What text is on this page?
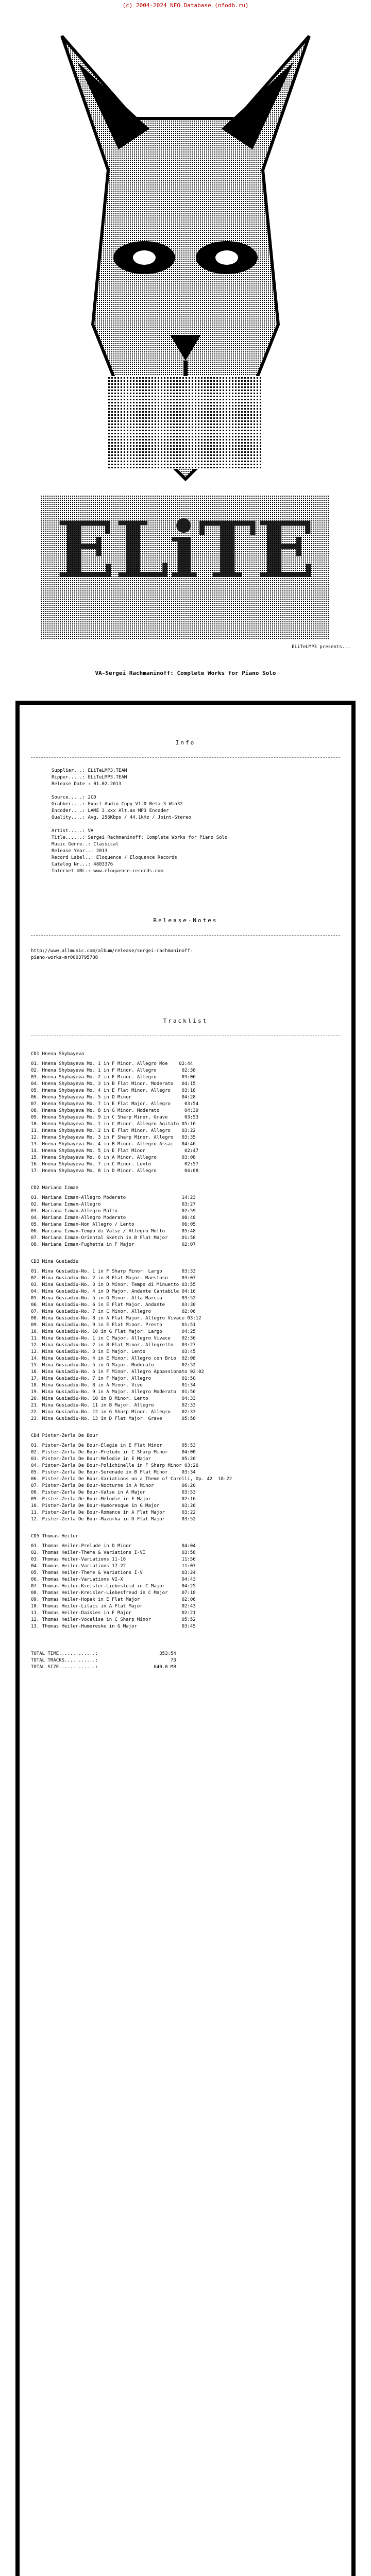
(c) 2004-2024 NFO Database (nfodb.ru)
ELiTE
ELiTeLMP3 presents...
VA-Sergei Rachmaninoff: Complete Works for Piano Solo
Info
Supplier...: ELiTeLMP3.TEAM
Ripper.....: ELiTeLMP3.TEAM
Release Date : 01.02.2013
Source.....: 2CD
Grabber....: Exact Audio Copy V1.0 Beta 3 Win32
Encoder....: LAME 3.xxx Alt.as MP3 Encoder
Quality....: Avg. 256Kbps / 44.1kHz / Joint-Stereo
Artist.....: VA
Title......: Sergei Rachmaninoff: Complete Works for Piano Solo
Music Genre..: Classical
Release Year..: 2013
Record Label..: Eloquence / Eloquence Records
Catalog Nr...: 4803376
Internet URL.: www.eloquence-records.com
Release-Notes
http://www.allmusic.com/album/release/sergei-rachmaninoff-
piano-works-mr0003795708
Tracklist
CD1 Hnena Shybayeva
01. Hnena Shybayeva Mo. 1 in F Minor. Allegro Moe    02:44
02. Hnena Shybayeva Mo. 1 in F Minor. Allegro         02:38
03. Hnena Shybayeva Mo. 2 in F Minor. Allegro         03:06
04. Hnena Shybayeva Mo. 3 in B Flat Minor. Moderato   04:15
05. Hnena Shybayeva Mo. 4 in E Flat Minor. Allegro    03:18
06. Hnena Shybayeva Mo. 5 in D Minor                  04:28
07. Hnena Shybayeva Mo. 7 in E Flat Major. Allegro     03:54
08. Hnena Shybayeva Mo. 8 in G Minor. Moderato         04:39
09. Hnena Shybayeva Mo. 9 in C Sharp Minor. Grave      03:53
10. Hnena Shybayeva Mo. 1 in C Minor. Allegro Agitato 05:16
11. Hnena Shybayeva Mo. 2 in E Flat Minor. Allegro    03:22
12. Hnena Shybayeva Mo. 3 in F Sharp Minor. Allegro   03:35
13. Hnena Shybayeva Mo. 4 in B Minor. Allegro Assai   04:46
14. Hnena Shybayeva Mo. 5 in E Flat Minor              02:47
15. Hnena Shybayeva Mo. 6 in A Minor. Allegro         03:08
16. Hnena Shybayeva Mo. 7 in C Minor. Lento            02:57
17. Hnena Shybayeva Mo. 8 in D Minor. Allegro          04:08
CD2 Mariana Izman
01. Mariana Izman-Allegro Moderato                    14:23
02. Mariana Izman-Allegro                             03:27
03. Mariana Izman-Allegro Molto                       02:59
04. Mariana Izman-Allegro Moderato                    08:48
05. Mariana Izman-Non Allegro / Lento                 06:05
06. Mariana Izman-Tempo di Valse / Allegro Molto      05:48
07. Mariana Izman-Oriental Sketch in B Flat Major     01:58
08. Mariana Izman-Fughetta in F Major                 02:07
CD3 Mina Gusiadiu
01. Mina Gusiadiu-No. 1 in F Sharp Minor. Largo       03:33
02. Mina Gusiadiu-No. 2 in B Flat Major. Maestoso     03:07
03. Mina Gusiadiu-No. 3 in D Minor. Tempo di Minuetto 03:55
04. Mina Gusiadiu-No. 4 in D Major. Andante Cantabile 04:16
05. Mina Gusiadiu-No. 5 in G Minor. Alla Marcia       03:52
06. Mina Gusiadiu-No. 6 in E Flat Major. Andante      03:30
07. Mina Gusiadiu-No. 7 in C Minor. Allegro           02:06
08. Mina Gusiadiu-No. 8 in A Flat Major. Allegro Vivace 03:12
09. Mina Gusiadiu-No. 9 in E Flat Minor. Presto       01:51
10. Mina Gusiadiu-No. 10 in G Flat Major. Largo       04:25
11. Mina Gusiadiu-No. 1 in C Major. Allegro Vivace    02:36
12. Mina Gusiadiu-No. 2 in B Flat Minor. Allegretto   03:27
13. Mina Gusiadiu-No. 3 in E Major. Lento             03:45
14. Mina Gusiadiu-No. 4 in E Minor. Allegro con Brio  02:08
15. Mina Gusiadiu-No. 5 in G Major. Moderato          02:52
16. Mina Gusiadiu-No. 6 in F Minor. Allegro Appassionato 02:02
17. Mina Gusiadiu-No. 7 in F Major. Allegro           01:50
18. Mina Gusiadiu-No. 8 in A Minor. Vivo              01:34
19. Mina Gusiadiu-No. 9 in A Major. Allegro Moderato  01:56
20. Mina Gusiadiu-No. 10 in B Minor. Lento            04:33
21. Mina Gusiadiu-No. 11 in B Major. Allegro          02:33
22. Mina Gusiadiu-No. 12 in G Sharp Minor. Allegro    02:33
23. Mina Gusiadiu-No. 13 in D Flat Major. Grave       05:58
CD4 Pister-Zerla De Bour
01. Pister-Zerla De Bour-Elegie in E Flat Minor       05:53
02. Pister-Zerla De Bour-Prelude in C Sharp Minor     04:00
03. Pister-Zerla De Bour-Melodie in E Major           05:26
04. Pister-Zerla De Bour-Polichinelle in F Sharp Minor 03:26
05. Pister-Zerla De Bour-Serenade in B Flat Minor     03:34
06. Pister-Zerla De Bour-Variations on a Theme of Corelli, Op. 42  18:22
07. Pister-Zerla De Bour-Nocturne in A Minor          06:20
08. Pister-Zerla De Bour-Valse in A Major             03:53
09. Pister-Zerla De Bour-Melodie in E Major           02:16
10. Pister-Zerla De Bour-Humoresque in G Major        03:26
11. Pister-Zerla De Bour-Romance in A Flat Major      03:22
12. Pister-Zerla De Bour-Mazurka in D Flat Major      03:52
CD5 Thomas Heiler
01. Thomas Heiler-Prelude in D Minor                  04:04
02. Thomas Heiler-Theme & Variations I-VI             03:58
03. Thomas Heiler-Variations 11-16                    11:56
04. Thomas Heiler-Variations 17-22                    11:07
05. Thomas Heiler-Theme & Variations I-V              03:24
06. Thomas Heiler-Variations VI-X                     04:43
07. Thomas Heiler-Kreisler-Liebesleid in C Major      04:25
08. Thomas Heiler-Kreisler-Liebesfreud in C Major     07:18
09. Thomas Heiler-Hopak in E Flat Major               02:06
10. Thomas Heiler-Lilacs in A Flat Major              02:43
11. Thomas Heiler-Daisies in F Major                  02:21
12. Thomas Heiler-Vocalise in C Sharp Minor           05:52
13. Thomas Heiler-Humoreske in G Major                03:45
TOTAL TIME.............:                      353:54
TOTAL TRACKS...........:                          73
TOTAL SIZE.............:                    640.0 MB
